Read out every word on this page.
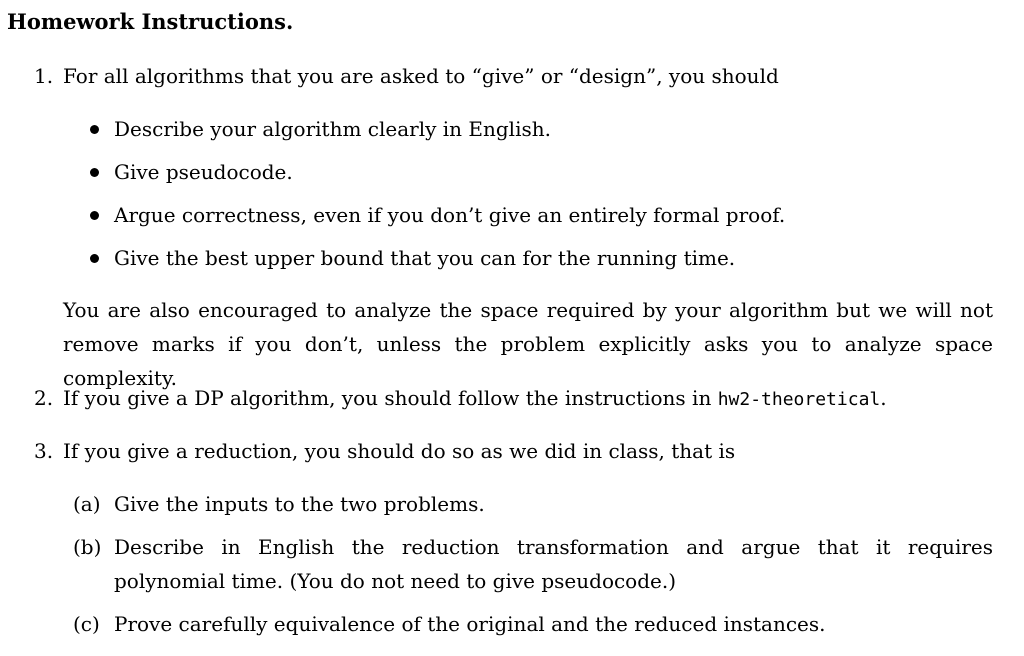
Homework Instructions.
1. For all algorithms that you are asked to “give” or “design”, you should
Describe your algorithm clearly in English.
Give pseudocode.
Argue correctness, even if you don’t give an entirely formal proof.
Give the best upper bound that you can for the running time.
You are also encouraged to analyze the space required by your algorithm but we will not remove marks if you don’t, unless the problem explicitly asks you to analyze space complexity.
2. If you give a DP algorithm, you should follow the instructions in hw2-theoretical.
3. If you give a reduction, you should do so as we did in class, that is
(a) Give the inputs to the two problems.
(b) Describe in English the reduction transformation and argue that it requires polynomial time. (You do not need to give pseudocode.)
(c) Prove carefully equivalence of the original and the reduced instances.
